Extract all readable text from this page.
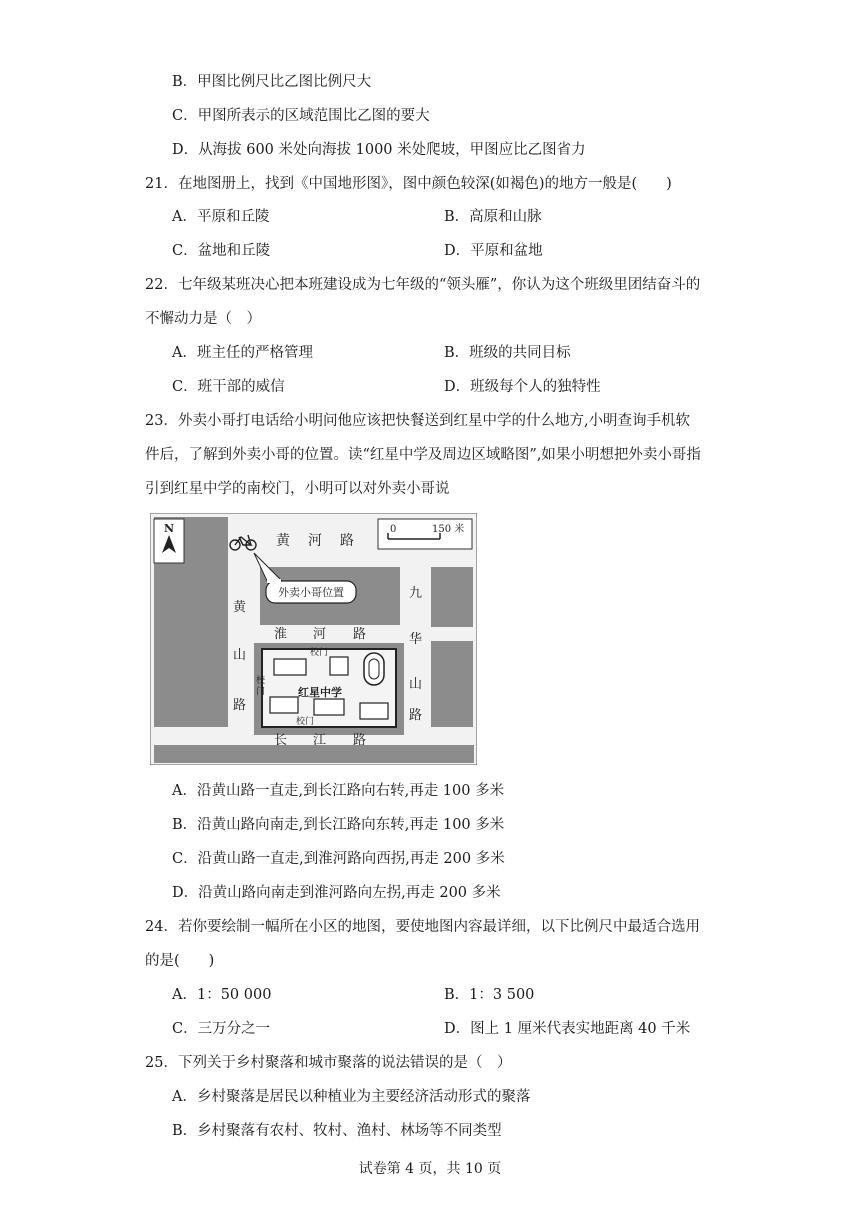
B．甲图比例尺比乙图比例尺大
C．甲图所表示的区域范围比乙图的要大
D．从海拔 600 米处向海拔 1000 米处爬坡，甲图应比乙图省力
21．在地图册上，找到《中国地形图》，图中颜色较深(如褐色)的地方一般是(　　)
A．平原和丘陵	B．高原和山脉
C．盆地和丘陵	D．平原和盆地
22．七年级某班决心把本班建设成为七年级的“领头雁”，你认为这个班级里团结奋斗的
不懈动力是（　）
A．班主任的严格管理	B．班级的共同目标
C．班干部的威信	D．班级每个人的独特性
23．外卖小哥打电话给小明问他应该把快餐送到红星中学的什么地方,小明查询手机软
件后，了解到外卖小哥的位置。读“红星中学及周边区域略图”,如果小明想把外卖小哥指
引到红星中学的南校门，小明可以对外卖小哥说
N	0	150 米
外卖小哥位置
黄 河 路
淮 河 路
长 江 路
黄
山
路
九
华
山
路
红星中学
校门
校
门
校门
A．沿黄山路一直走,到长江路向右转,再走 100 多米
B．沿黄山路向南走,到长江路向东转,再走 100 多米
C．沿黄山路一直走,到淮河路向西拐,再走 200 多米
D．沿黄山路向南走到淮河路向左拐,再走 200 多米
24．若你要绘制一幅所在小区的地图，要使地图内容最详细，以下比例尺中最适合选用
的是(　　)
A．1：50 000	B．1：3 500
C．三万分之一	D．图上 1 厘米代表实地距离 40 千米
25．下列关于乡村聚落和城市聚落的说法错误的是（　）
A．乡村聚落是居民以种植业为主要经济活动形式的聚落
B．乡村聚落有农村、牧村、渔村、林场等不同类型
试卷第 4 页，共 10 页
